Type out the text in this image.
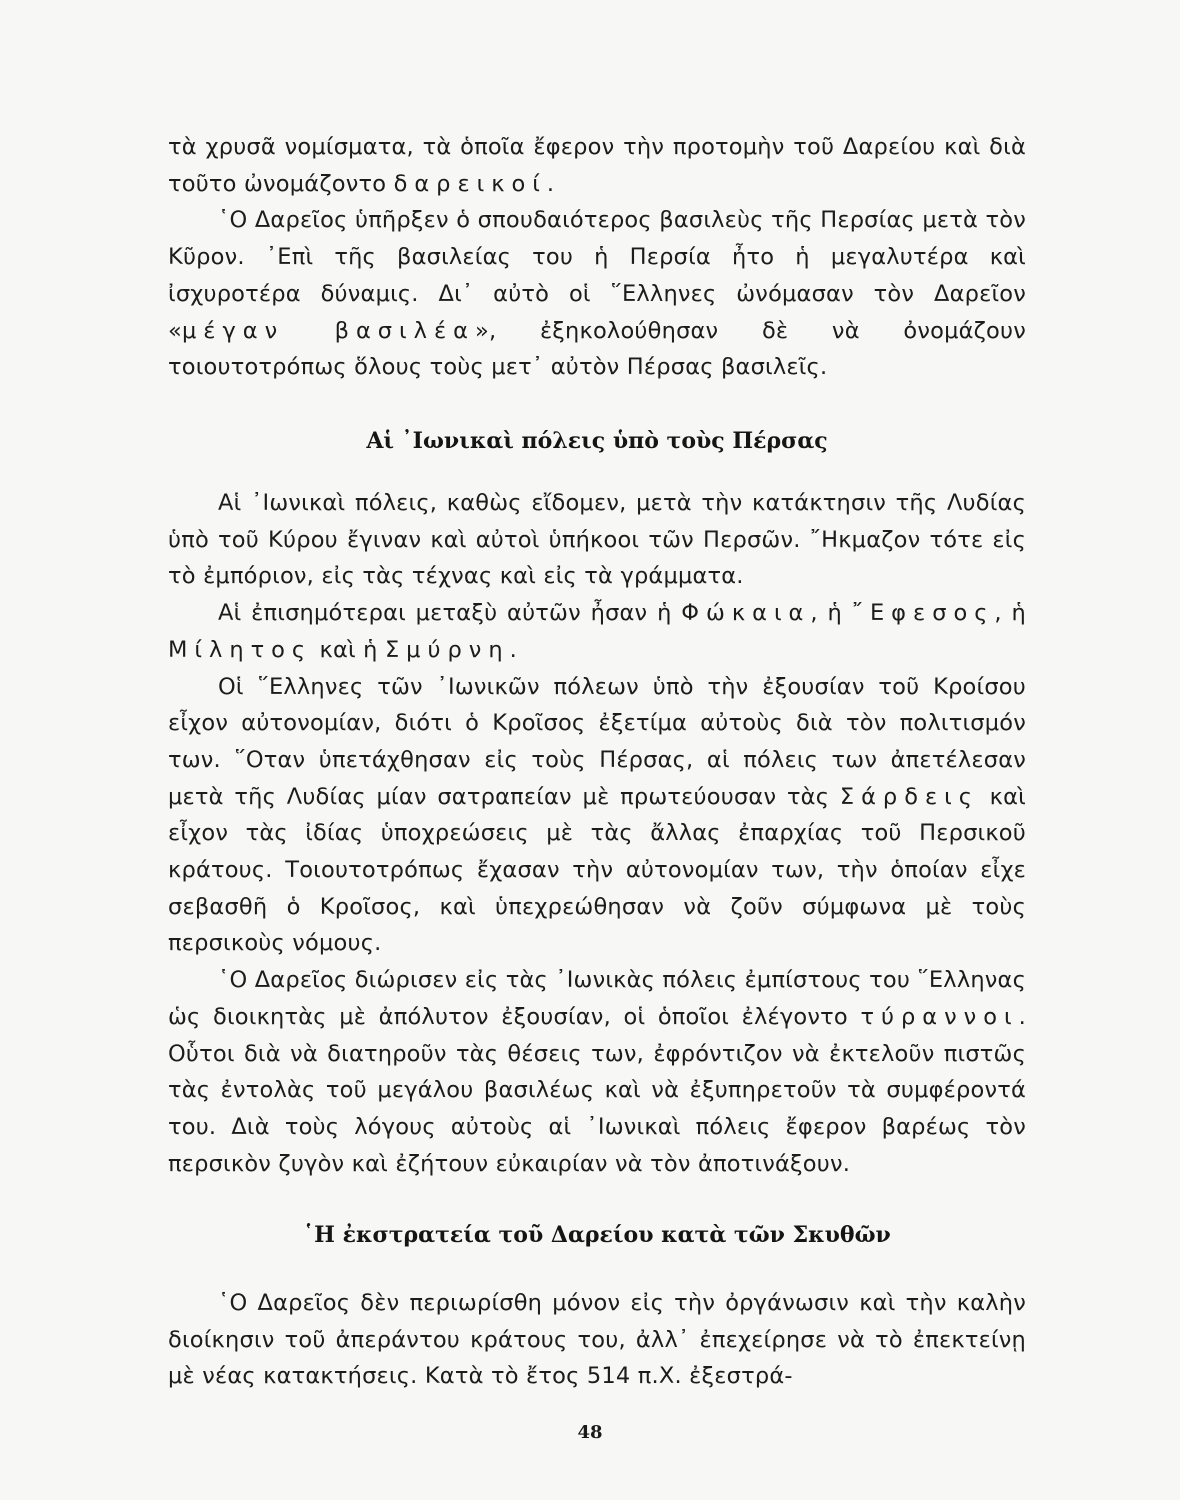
τὰ χρυσᾶ νομίσματα, τὰ ὁποῖα ἔφερον τὴν προτομὴν τοῦ Δαρείου καὶ διὰ τοῦτο ὠνομάζοντο δαρεικοί.

῾Ο Δαρεῖος ὑπῆρξεν ὁ σπουδαιότερος βασιλεὺς τῆς Περσίας μετὰ τὸν Κῦρον. ᾽Επὶ τῆς βασιλείας του ἡ Περσία ἦτο ἡ μεγαλυτέρα καὶ ἰσχυροτέρα δύναμις. Δι᾽ αὐτὸ οἱ ῞Ελληνες ὠνόμασαν τὸν Δαρεῖον «μέγαν βασιλέα», ἐξηκολούθησαν δὲ νὰ ὀνομάζουν τοιουτοτρόπως ὅλους τοὺς μετ᾽ αὐτὸν Πέρσας βασιλεῖς.

Αἱ ᾽Ιωνικαὶ πόλεις ὑπὸ τοὺς Πέρσας

Αἱ ᾽Ιωνικαὶ πόλεις, καθὼς εἴδομεν, μετὰ τὴν κατάκτησιν τῆς Λυδίας ὑπὸ τοῦ Κύρου ἔγιναν καὶ αὐτοὶ ὑπήκοοι τῶν Περσῶν. ῎Ηκμαζον τότε εἰς τὸ ἐμπόριον, εἰς τὰς τέχνας καὶ εἰς τὰ γράμματα.

Αἱ ἐπισημότεραι μεταξὺ αὐτῶν ἦσαν ἡ Φώκαια, ἡ ῎Εφεσος, ἡ Μίλητος καὶ ἡ Σμύρνη.

Οἱ ῞Ελληνες τῶν ᾽Ιωνικῶν πόλεων ὑπὸ τὴν ἐξουσίαν τοῦ Κροίσου εἶχον αὐτονομίαν, διότι ὁ Κροῖσος ἐξετίμα αὐτοὺς διὰ τὸν πολιτισμόν των. ῞Οταν ὑπετάχθησαν εἰς τοὺς Πέρσας, αἱ πόλεις των ἀπετέλεσαν μετὰ τῆς Λυδίας μίαν σατραπείαν μὲ πρωτεύουσαν τὰς Σάρδεις καὶ εἶχον τὰς ἰδίας ὑποχρεώσεις μὲ τὰς ἄλλας ἐπαρχίας τοῦ Περσικοῦ κράτους. Τοιουτοτρόπως ἔχασαν τὴν αὐτονομίαν των, τὴν ὁποίαν εἶχε σεβασθῆ ὁ Κροῖσος, καὶ ὑπεχρεώθησαν νὰ ζοῦν σύμφωνα μὲ τοὺς περσικοὺς νόμους.

῾Ο Δαρεῖος διώρισεν εἰς τὰς ᾽Ιωνικὰς πόλεις ἐμπίστους του ῞Ελληνας ὡς διοικητὰς μὲ ἀπόλυτον ἐξουσίαν, οἱ ὁποῖοι ἐλέγοντο τύραννοι. Οὗτοι διὰ νὰ διατηροῦν τὰς θέσεις των, ἐφρόντιζον νὰ ἐκτελοῦν πιστῶς τὰς ἐντολὰς τοῦ μεγάλου βασιλέως καὶ νὰ ἐξυπηρετοῦν τὰ συμφέροντά του. Διὰ τοὺς λόγους αὐτοὺς αἱ ᾽Ιωνικαὶ πόλεις ἔφερον βαρέως τὸν περσικὸν ζυγὸν καὶ ἐζήτουν εὐκαιρίαν νὰ τὸν ἀποτινάξουν.

῾Η ἐκστρατεία τοῦ Δαρείου κατὰ τῶν Σκυθῶν

῾Ο Δαρεῖος δὲν περιωρίσθη μόνον εἰς τὴν ὀργάνωσιν καὶ τὴν καλὴν διοίκησιν τοῦ ἀπεράντου κράτους του, ἀλλ᾽ ἐπεχείρησε νὰ τὸ ἐπεκτείνῃ μὲ νέας κατακτήσεις. Κατὰ τὸ ἔτος 514 π.Χ. ἐξεστρά-

48
